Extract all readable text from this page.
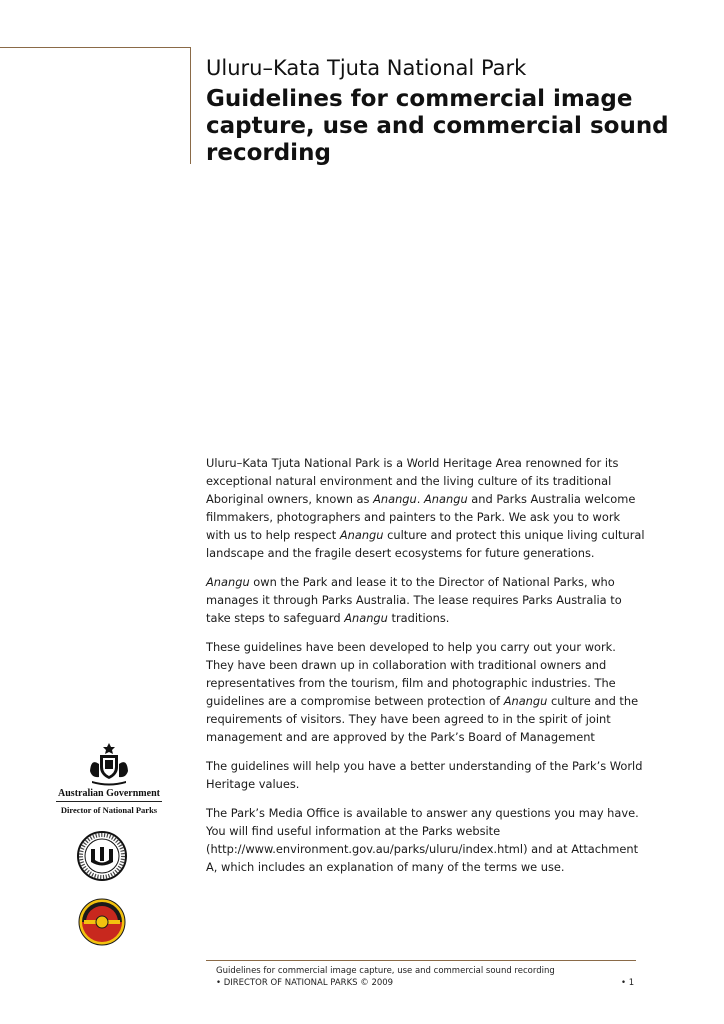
Uluru–Kata Tjuta National Park
Guidelines for commercial image capture, use and commercial sound recording

Uluru–Kata Tjuta National Park is a World Heritage Area renowned for its exceptional natural environment and the living culture of its traditional Aboriginal owners, known as Anangu. Anangu and Parks Australia welcome filmmakers, photographers and painters to the Park. We ask you to work with us to help respect Anangu culture and protect this unique living cultural landscape and the fragile desert ecosystems for future generations.

Anangu own the Park and lease it to the Director of National Parks, who manages it through Parks Australia. The lease requires Parks Australia to take steps to safeguard Anangu traditions.

These guidelines have been developed to help you carry out your work. They have been drawn up in collaboration with traditional owners and representatives from the tourism, film and photographic industries. The guidelines are a compromise between protection of Anangu culture and the requirements of visitors. They have been agreed to in the spirit of joint management and are approved by the Park’s Board of Management

The guidelines will help you have a better understanding of the Park’s World Heritage values.

The Park’s Media Office is available to answer any questions you may have. You will find useful information at the Parks website (http://www.environment.gov.au/parks/uluru/index.html) and at Attachment A, which includes an explanation of many of the terms we use.

Australian Government
Director of National Parks
Guidelines for commercial image capture, use and commercial sound recording
• DIRECTOR OF NATIONAL PARKS © 2009	• 1
